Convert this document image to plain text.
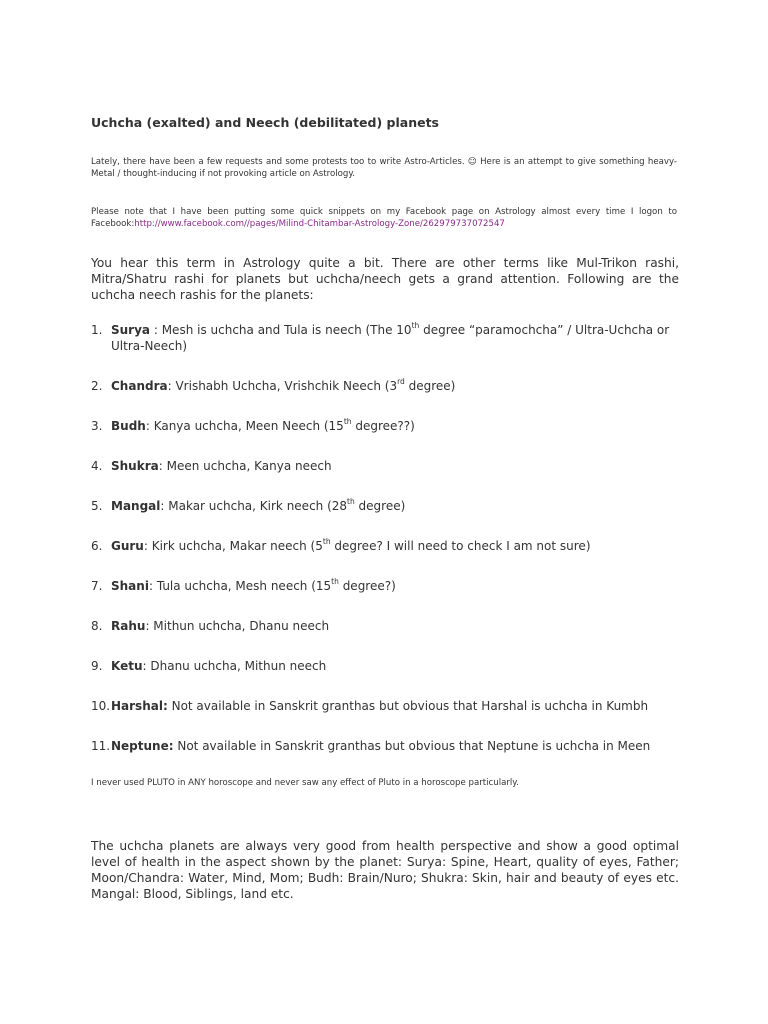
Uchcha (exalted) and Neech (debilitated) planets
Lately, there have been a few requests and some protests too to write Astro-Articles. ☺ Here is an attempt to give something heavy-Metal / thought-inducing if not provoking article on Astrology.
Please note that I have been putting some quick snippets on my Facebook page on Astrology almost every time I logon to Facebook:http://www.facebook.com//pages/Milind-Chitambar-Astrology-Zone/262979737072547
You hear this term in Astrology quite a bit. There are other terms like Mul-Trikon rashi, Mitra/Shatru rashi for planets but uchcha/neech gets a grand attention. Following are the uchcha neech rashis for the planets:
1. Surya : Mesh is uchcha and Tula is neech (The 10th degree “paramochcha” / Ultra-Uchcha or Ultra-Neech)
2. Chandra: Vrishabh Uchcha, Vrishchik Neech (3rd degree)
3. Budh: Kanya uchcha, Meen Neech (15th degree??)
4. Shukra: Meen uchcha, Kanya neech
5. Mangal: Makar uchcha, Kirk neech (28th degree)
6. Guru: Kirk uchcha, Makar neech (5th degree? I will need to check I am not sure)
7. Shani: Tula uchcha, Mesh neech (15th degree?)
8. Rahu: Mithun uchcha, Dhanu neech
9. Ketu: Dhanu uchcha, Mithun neech
10. Harshal: Not available in Sanskrit granthas but obvious that Harshal is uchcha in Kumbh
11. Neptune: Not available in Sanskrit granthas but obvious that Neptune is uchcha in Meen
I never used PLUTO in ANY horoscope and never saw any effect of Pluto in a horoscope particularly.
The uchcha planets are always very good from health perspective and show a good optimal level of health in the aspect shown by the planet: Surya: Spine, Heart, quality of eyes, Father; Moon/Chandra: Water, Mind, Mom; Budh: Brain/Nuro; Shukra: Skin, hair and beauty of eyes etc. Mangal: Blood, Siblings, land etc.
